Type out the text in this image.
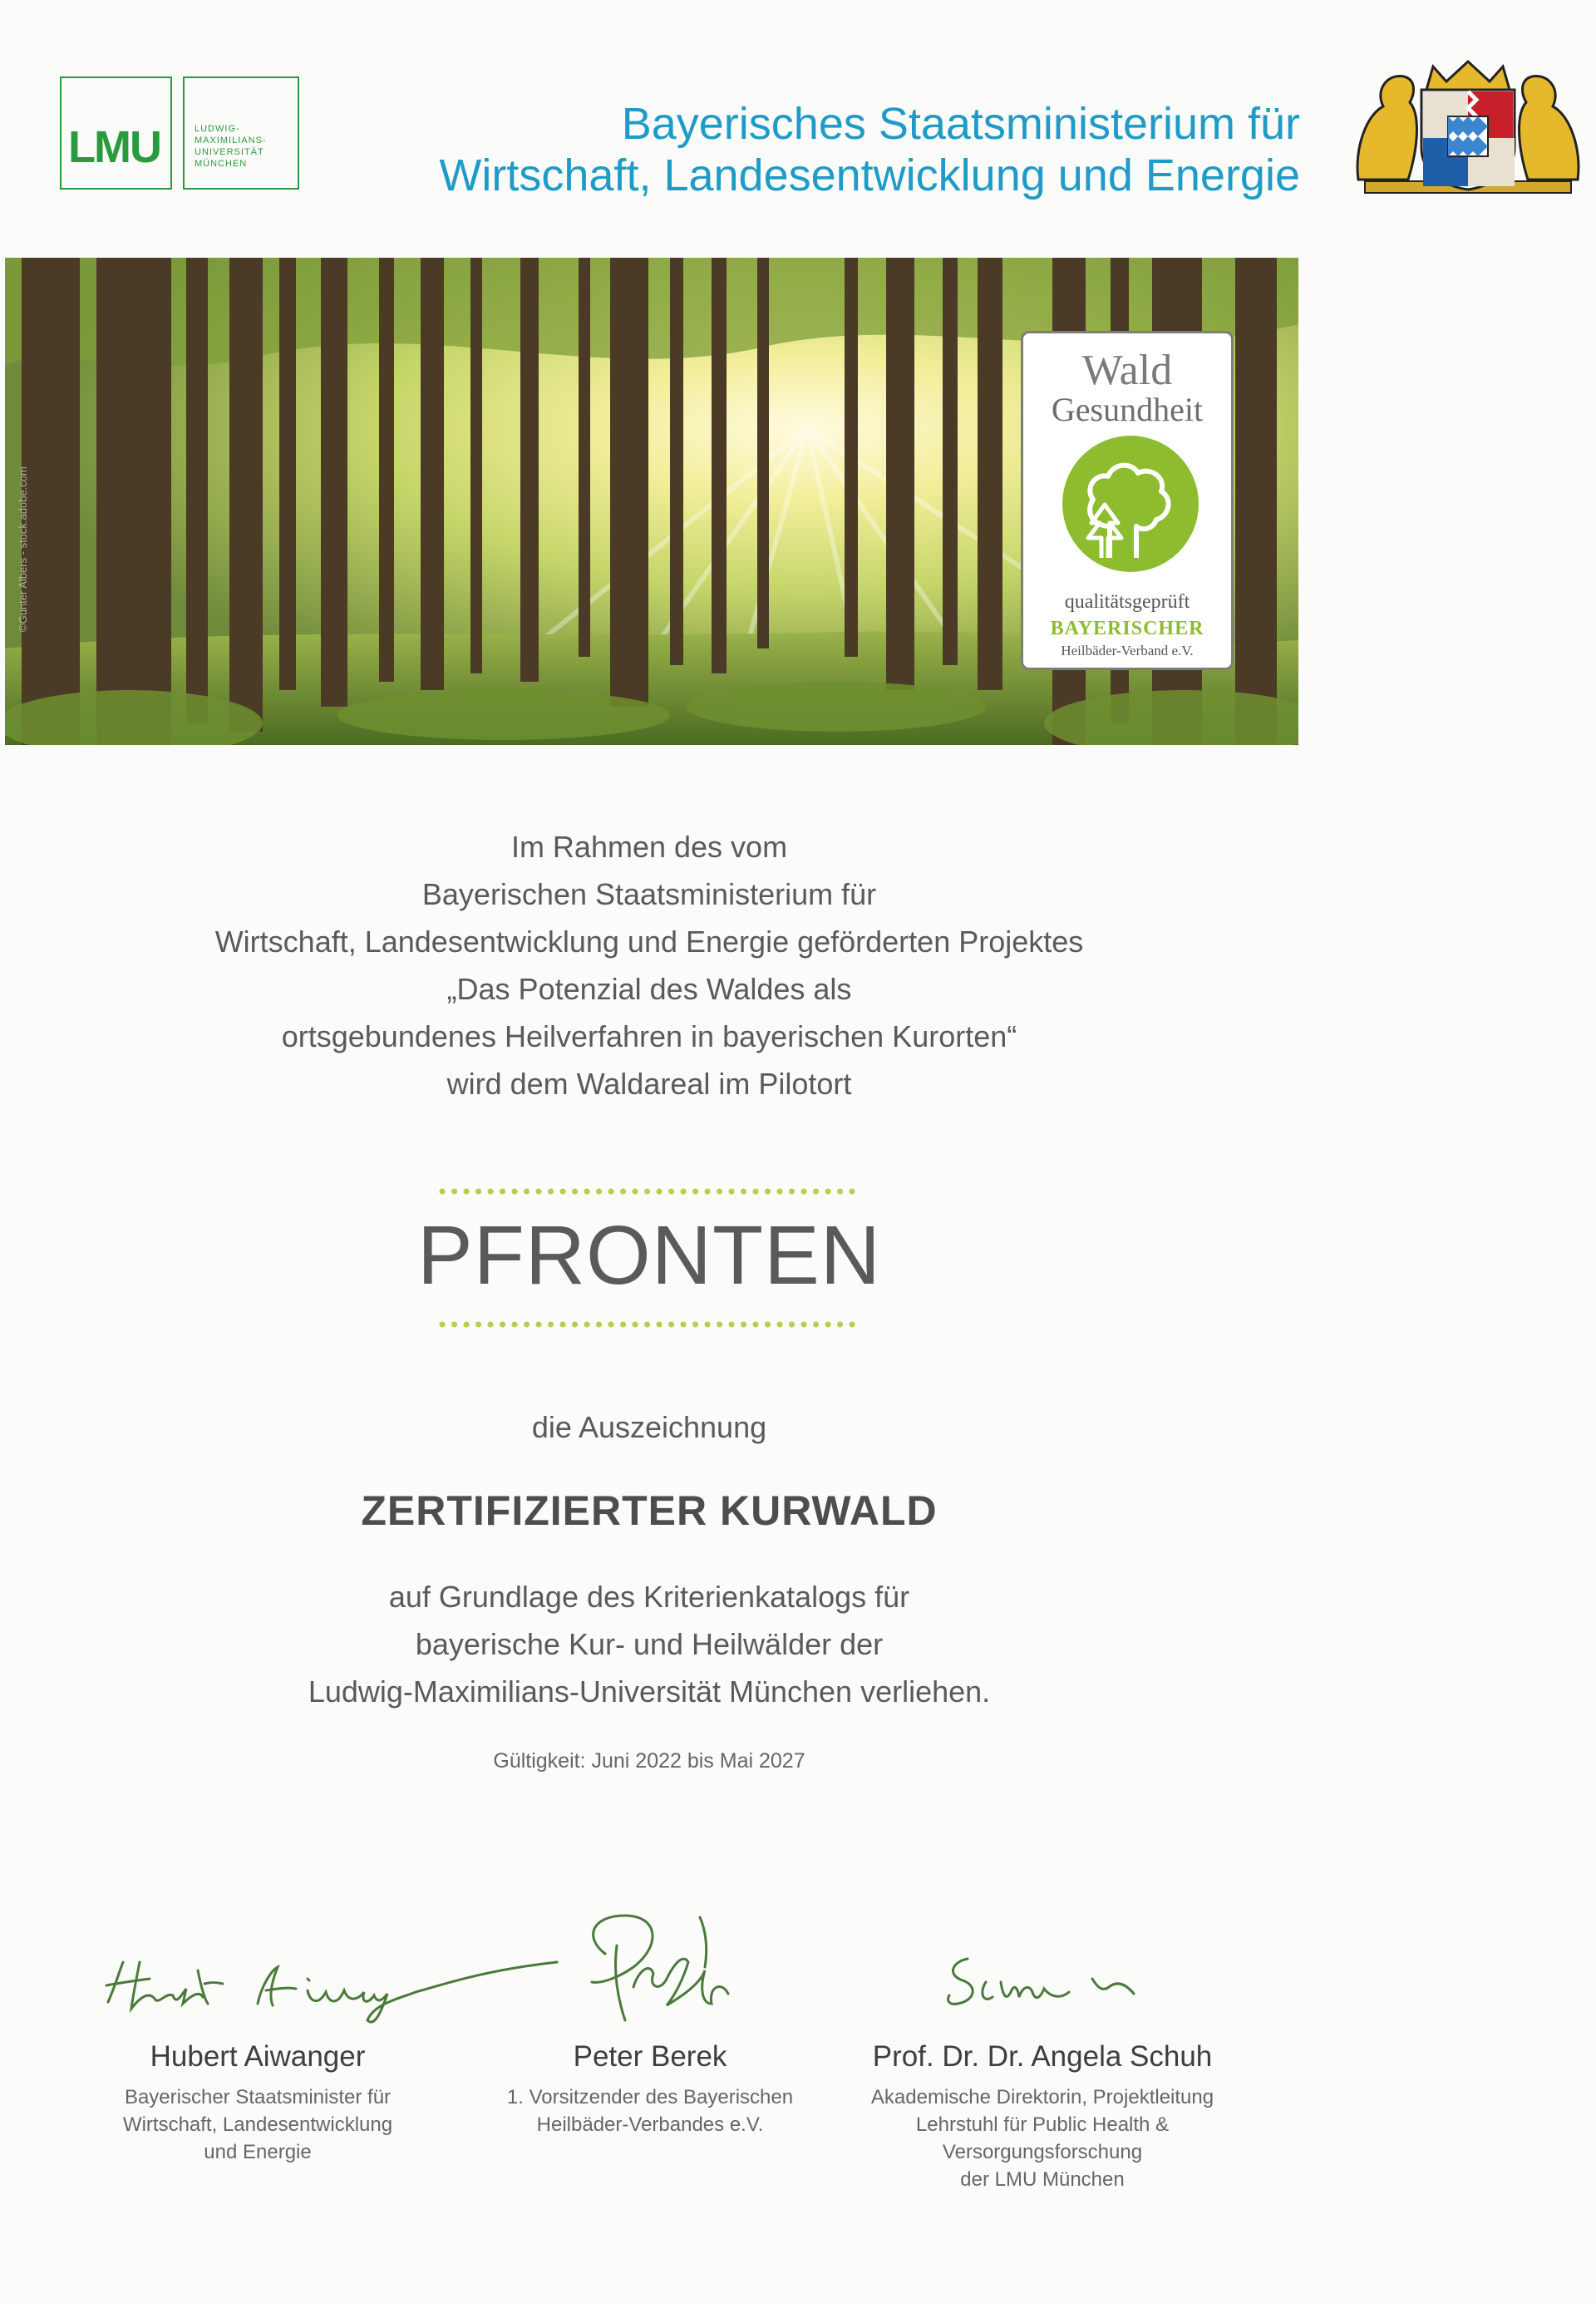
LMU	LUDWIG-
MAXIMILIANS-
UNIVERSITÄT
MÜNCHEN
Bayerisches Staatsministerium für
Wirtschaft, Landesentwicklung und Energie
©Gunter Albers - stock.adobe.com
Wald
Gesundheit
qualitätsgeprüft
BAYERISCHER
Heilbäder-Verband e.V.
Im Rahmen des vom
Bayerischen Staatsministerium für
Wirtschaft, Landesentwicklung und Energie geförderten Projektes
„Das Potenzial des Waldes als
ortsgebundenes Heilverfahren in bayerischen Kurorten“
wird dem Waldareal im Pilotort
PFRONTEN
die Auszeichnung
ZERTIFIZIERTER KURWALD
auf Grundlage des Kriterienkatalogs für
bayerische Kur- und Heilwälder der
Ludwig-Maximilians-Universität München verliehen.
Gültigkeit: Juni 2022 bis Mai 2027
Hubert Aiwanger
Bayerischer Staatsminister für
Wirtschaft, Landesentwicklung
und Energie
Peter Berek
1. Vorsitzender des Bayerischen
Heilbäder-Verbandes e.V.
Prof. Dr. Dr. Angela Schuh
Akademische Direktorin, Projektleitung
Lehrstuhl für Public Health &
Versorgungsforschung
der LMU München
